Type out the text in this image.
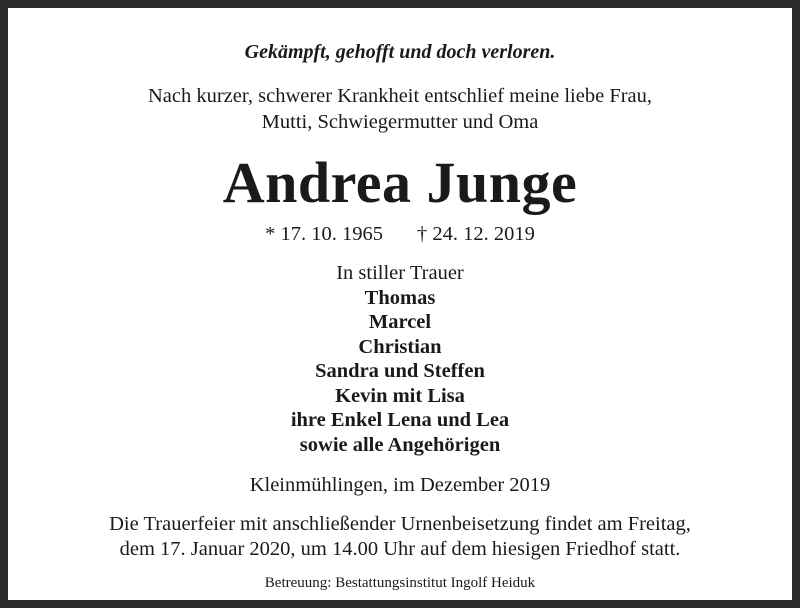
Gekämpft, gehofft und doch verloren.
Nach kurzer, schwerer Krankheit entschlief meine liebe Frau,
Mutti, Schwiegermutter und Oma
Andrea Junge
* 17. 10. 1965 † 24. 12. 2019
In stiller Trauer
Thomas
Marcel
Christian
Sandra und Steffen
Kevin mit Lisa
ihre Enkel Lena und Lea
sowie alle Angehörigen
Kleinmühlingen, im Dezember 2019
Die Trauerfeier mit anschließender Urnenbeisetzung findet am Freitag,
dem 17. Januar 2020, um 14.00 Uhr auf dem hiesigen Friedhof statt.
Betreuung: Bestattungsinstitut Ingolf Heiduk
